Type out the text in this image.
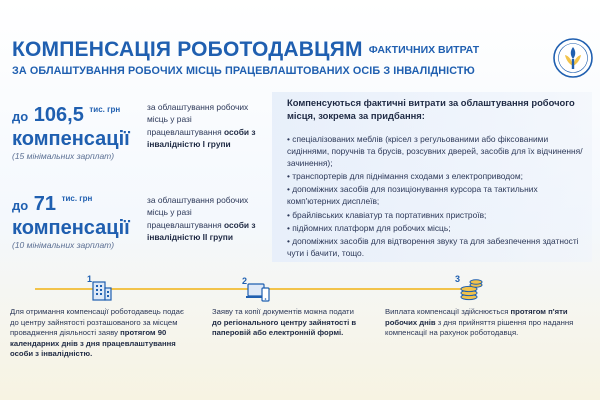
КОМПЕНСАЦІЯ РОБОТОДАВЦЯМ ФАКТИЧНИХ ВИТРАТ
ЗА ОБЛАШТУВАННЯ РОБОЧИХ МІСЦЬ ПРАЦЕВЛАШТОВАНИХ ОСІБ З ІНВАЛІДНІСТЮ
до 106,5 $^{тис. грн}$
компенсації
(15 мінімальних зарплат)
за облаштування робочих місць у разі працевлаштування особи з інвалідністю І групи
до 71 $^{тис. грн}$
компенсації
(10 мінімальних зарплат)
за облаштування робочих місць у разі працевлаштування особи з інвалідністю ІІ групи
Компенсуються фактичні витрати за облаштування робочого місця, зокрема за придбання:
• спеціалізованих меблів (крісел з регульованими або фіксованими сидіннями, поручнів та брусів, розсувних дверей, засобів для їх відчинення/зачинення);
• транспортерів для піднімання сходами з електроприводом;
• допоміжних засобів для позиціонування курсора та тактильних комп'ютерних дисплеїв;
• брайлівських клавіатур та портативних пристроїв;
• підйомних платформ для робочих місць;
• допоміжних засобів для відтворення звуку та для забезпечення здатності чути і бачити, тощо.
1
Для отримання компенсації роботодавець подає до центру зайнятості розташованого за місцем провадження діяльності заяву протягом 90 календарних днів з дня працевлаштування особи з інвалідністю.
2
Заяву та копії документів можна подати до регіонального центру зайнятості в паперовій або електронній формі.
3
Виплата компенсації здійснюється протягом п'яти робочих днів з дня прийняття рішення про надання компенсації на рахунок роботодавця.
